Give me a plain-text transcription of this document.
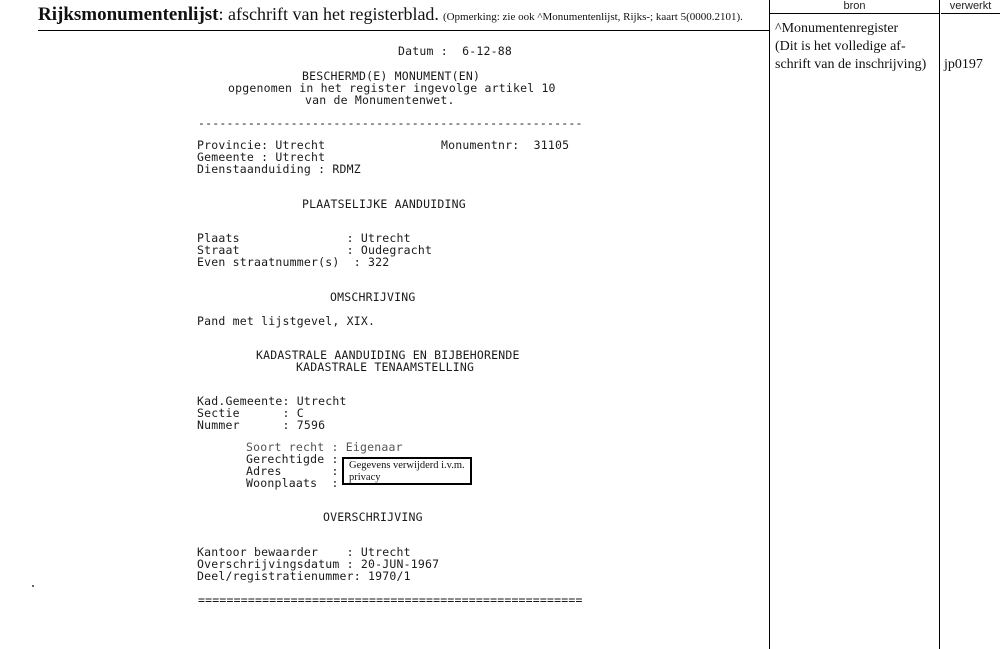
Rijksmonumentenlijst: afschrift van het registerblad. (Opmerking: zie ook ^Monumentenlijst, Rijks-; kaart 5(0000.2101).
bron	verwerkt
^Monumentenregister
(Dit is het volledige af-
schrift van de inschrijving)	jp0197
Datum :  6-12-88
BESCHERMD(E) MONUMENT(EN)
opgenomen in het register ingevolge artikel 10
van de Monumentenwet.
------------------------------------------------------
Provincie: Utrecht	Monumentnr:  31105
Gemeente : Utrecht
Dienstaanduiding : RDMZ
PLAATSELIJKE AANDUIDING
Plaats               : Utrecht
Straat               : Oudegracht
Even straatnummer(s)  : 322
OMSCHRIJVING
Pand met lijstgevel, XIX.
KADASTRALE AANDUIDING EN BIJBEHORENDE
KADASTRALE TENAAMSTELLING
Kad.Gemeente: Utrecht
Sectie      : C
Nummer      : 7596
Soort recht : Eigenaar
Gerechtigde :
Adres       :
Woonplaats  :
OVERSCHRIJVING
Kantoor bewaarder    : Utrecht
Overschrijvingsdatum : 20-JUN-1967
Deel/registratienummer: 1970/1
======================================================
Gegevens verwijderd i.v.m. privacy
